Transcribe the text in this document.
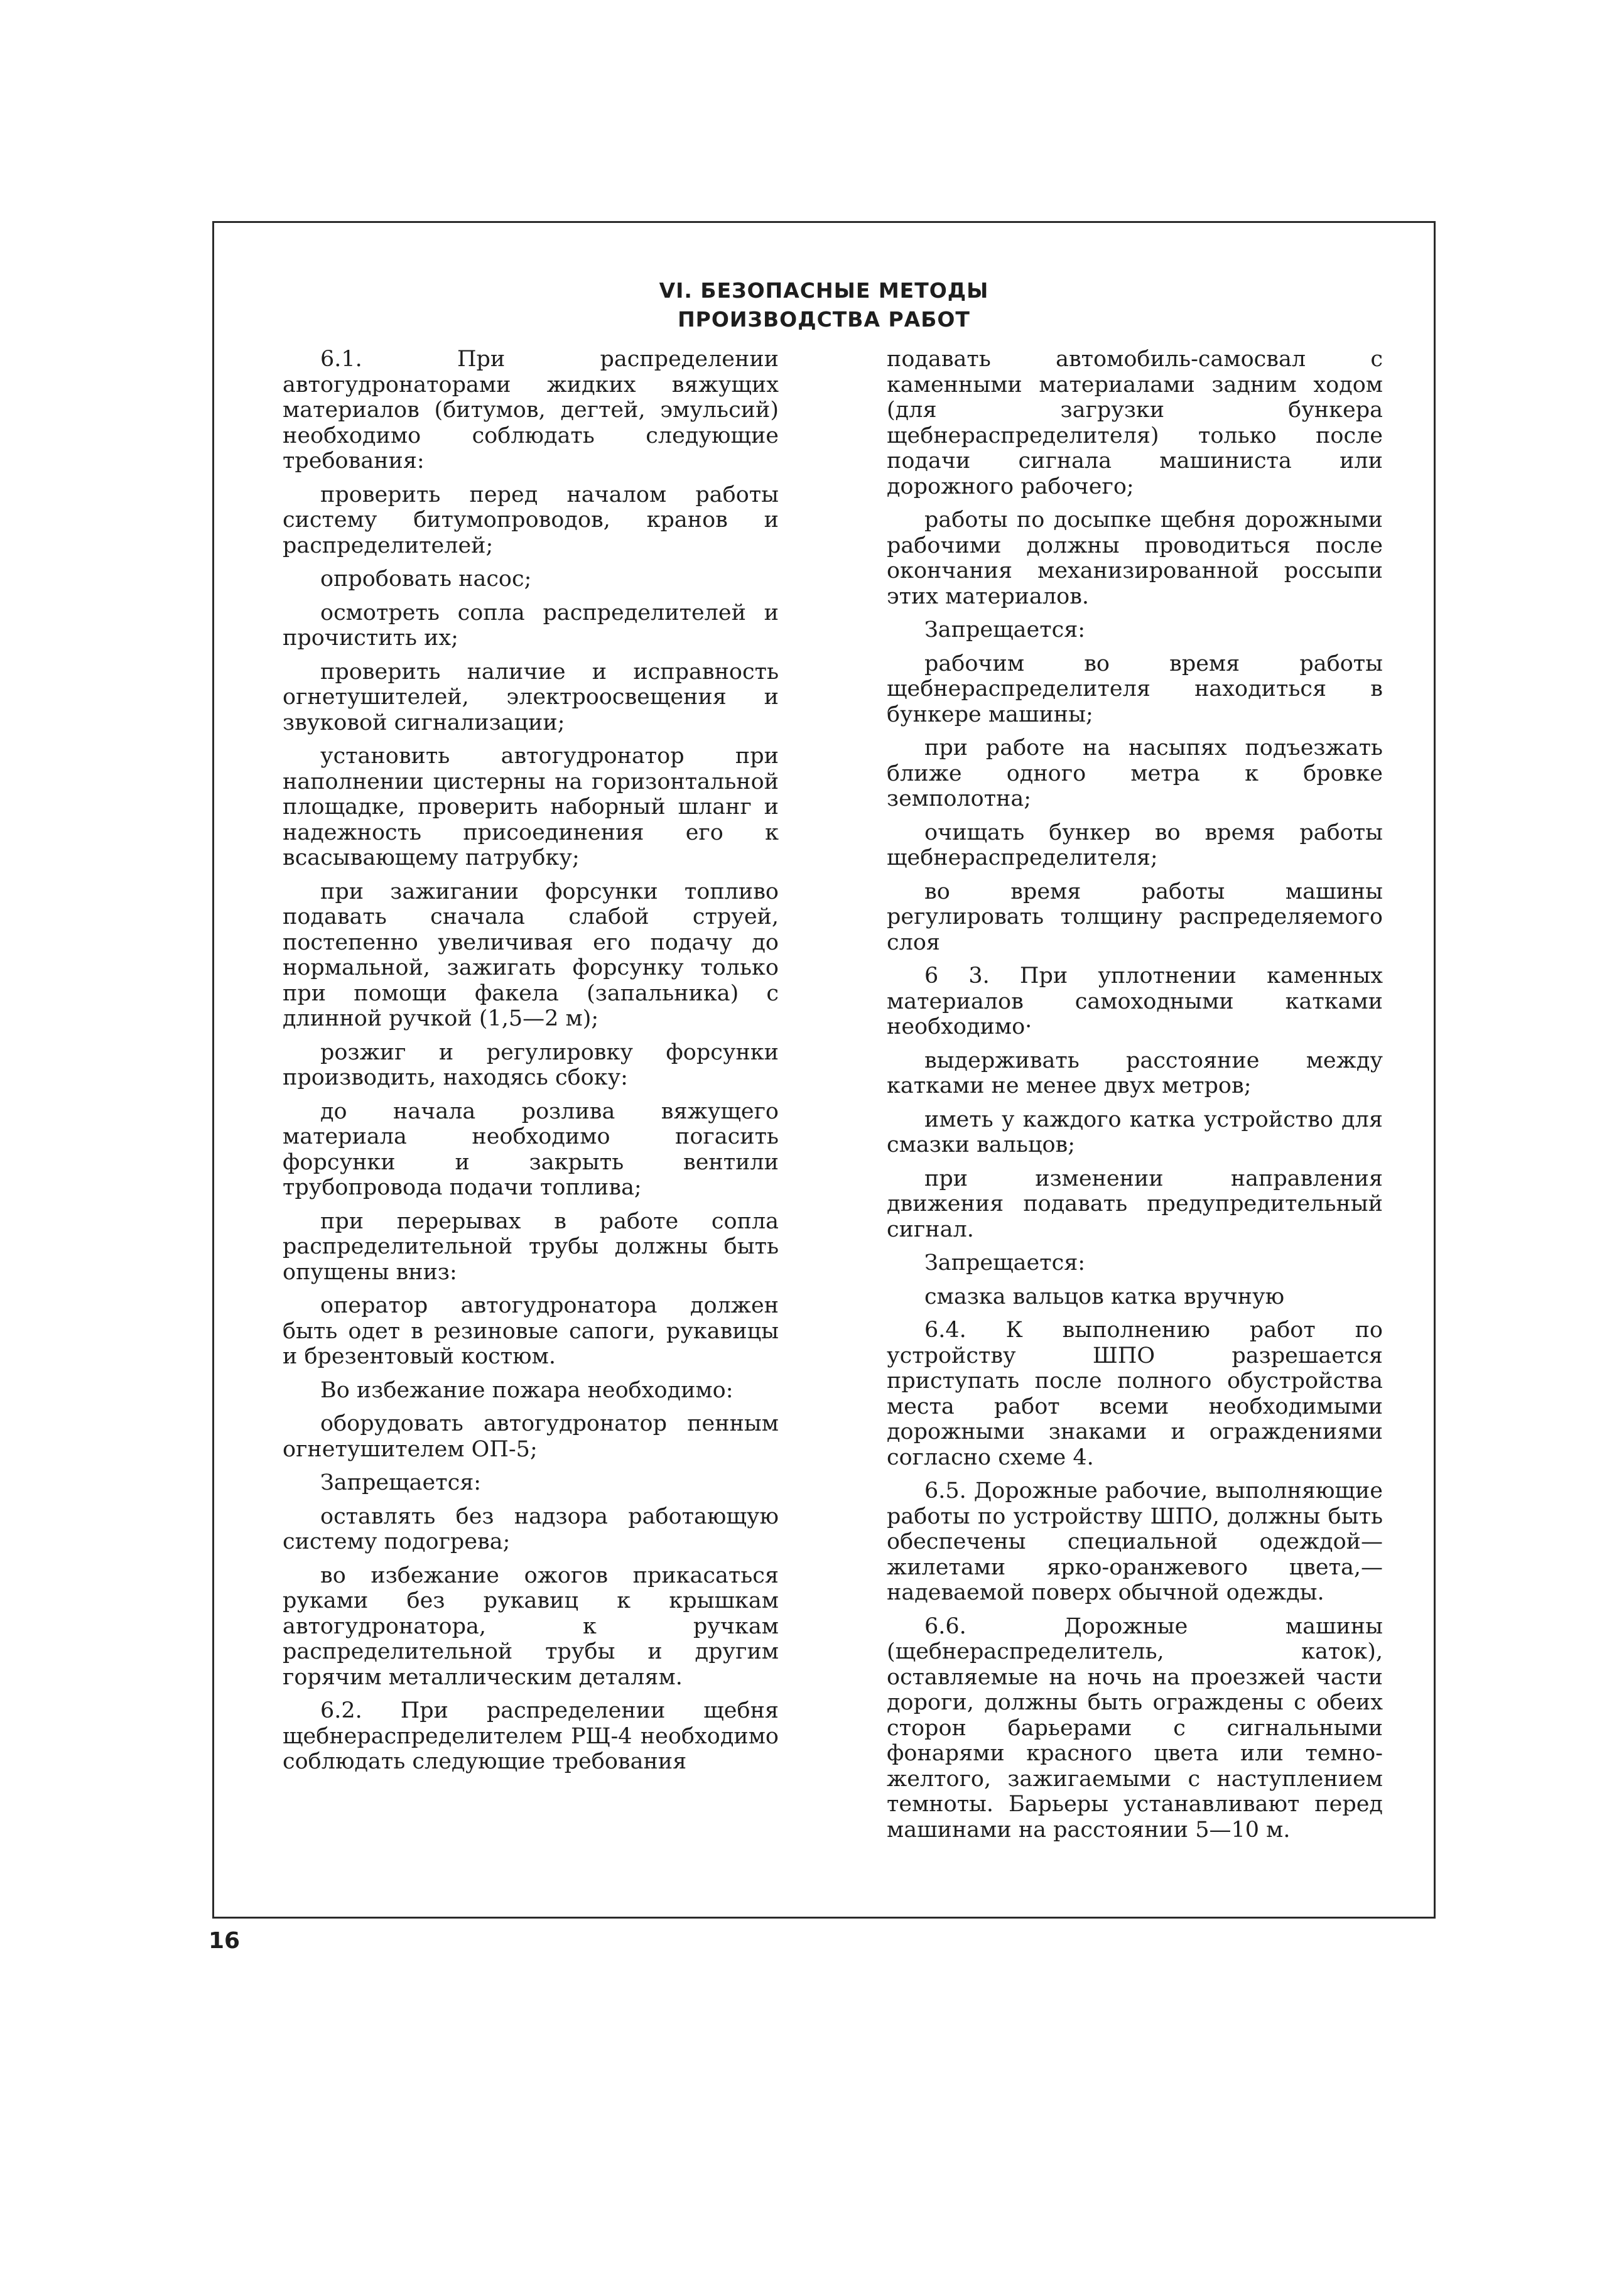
VI. БЕЗОПАСНЫЕ МЕТОДЫ
ПРОИЗВОДСТВА РАБОТ

6.1. При распределении автогудронаторами жидких вяжущих материалов (битумов, дегтей, эмульсий) необходимо соблюдать следующие требования:

проверить перед началом работы систему битумопроводов, кранов и распределителей;

опробовать насос;

осмотреть сопла распределителей и прочистить их;

проверить наличие и исправность огнетушителей, электроосвещения и звуковой сигнализации;

установить автогудронатор при наполнении цистерны на горизонтальной площадке, проверить наборный шланг и надежность присоединения его к всасывающему патрубку;

при зажигании форсунки топливо подавать сначала слабой струей, постепенно увеличивая его подачу до нормальной, зажигать форсунку только при помощи факела (запальника) с длинной ручкой (1,5—2 м);

розжиг и регулировку форсунки производить, находясь сбоку:

до начала розлива вяжущего материала необходимо погасить форсунки и закрыть вентили трубопровода подачи топлива;

при перерывах в работе сопла распределительной трубы должны быть опущены вниз:

оператор автогудронатора должен быть одет в резиновые сапоги, рукавицы и брезентовый костюм.

Во избежание пожара необходимо:

оборудовать автогудронатор пенным огнетушителем ОП-5;

Запрещается:

оставлять без надзора работающую систему подогрева;

во избежание ожогов прикасаться руками без рукавиц к крышкам автогудронатора, к ручкам распределительной трубы и другим горячим металлическим деталям.

6.2. При распределении щебня щебнераспределителем РЩ-4 необходимо соблюдать следующие требования

подавать автомобиль-самосвал с каменными материалами задним ходом (для загрузки бункера щебнераспределителя) только после подачи сигнала машиниста или дорожного рабочего;

работы по досыпке щебня дорожными рабочими должны проводиться после окончания механизированной россыпи этих материалов.

Запрещается:

рабочим во время работы щебнераспределителя находиться в бункере машины;

при работе на насыпях подъезжать ближе одного метра к бровке земполотна;

очищать бункер во время работы щебнераспределителя;

во время работы машины регулировать толщину распределяемого слоя

6 3. При уплотнении каменных материалов самоходными катками необходимо·

выдерживать расстояние между катками не менее двух метров;

иметь у каждого катка устройство для смазки вальцов;

при изменении направления движения подавать предупредительный сигнал.

Запрещается:

смазка вальцов катка вручную

6.4. К выполнению работ по устройству ШПО разрешается приступать после полного обустройства места работ всеми необходимыми дорожными знаками и ограждениями согласно схеме 4.

6.5. Дорожные рабочие, выполняющие работы по устройству ШПО, должны быть обеспечены специальной одеждой—жилетами ярко-оранжевого цвета,— надеваемой поверх обычной одежды.

6.6. Дорожные машины (щебнераспределитель, каток), оставляемые на ночь на проезжей части дороги, должны быть ограждены с обеих сторон барьерами с сигнальными фонарями красного цвета или темно-желтого, зажигаемыми с наступлением темноты. Барьеры устанавливают перед машинами на расстоянии 5—10 м.

16
